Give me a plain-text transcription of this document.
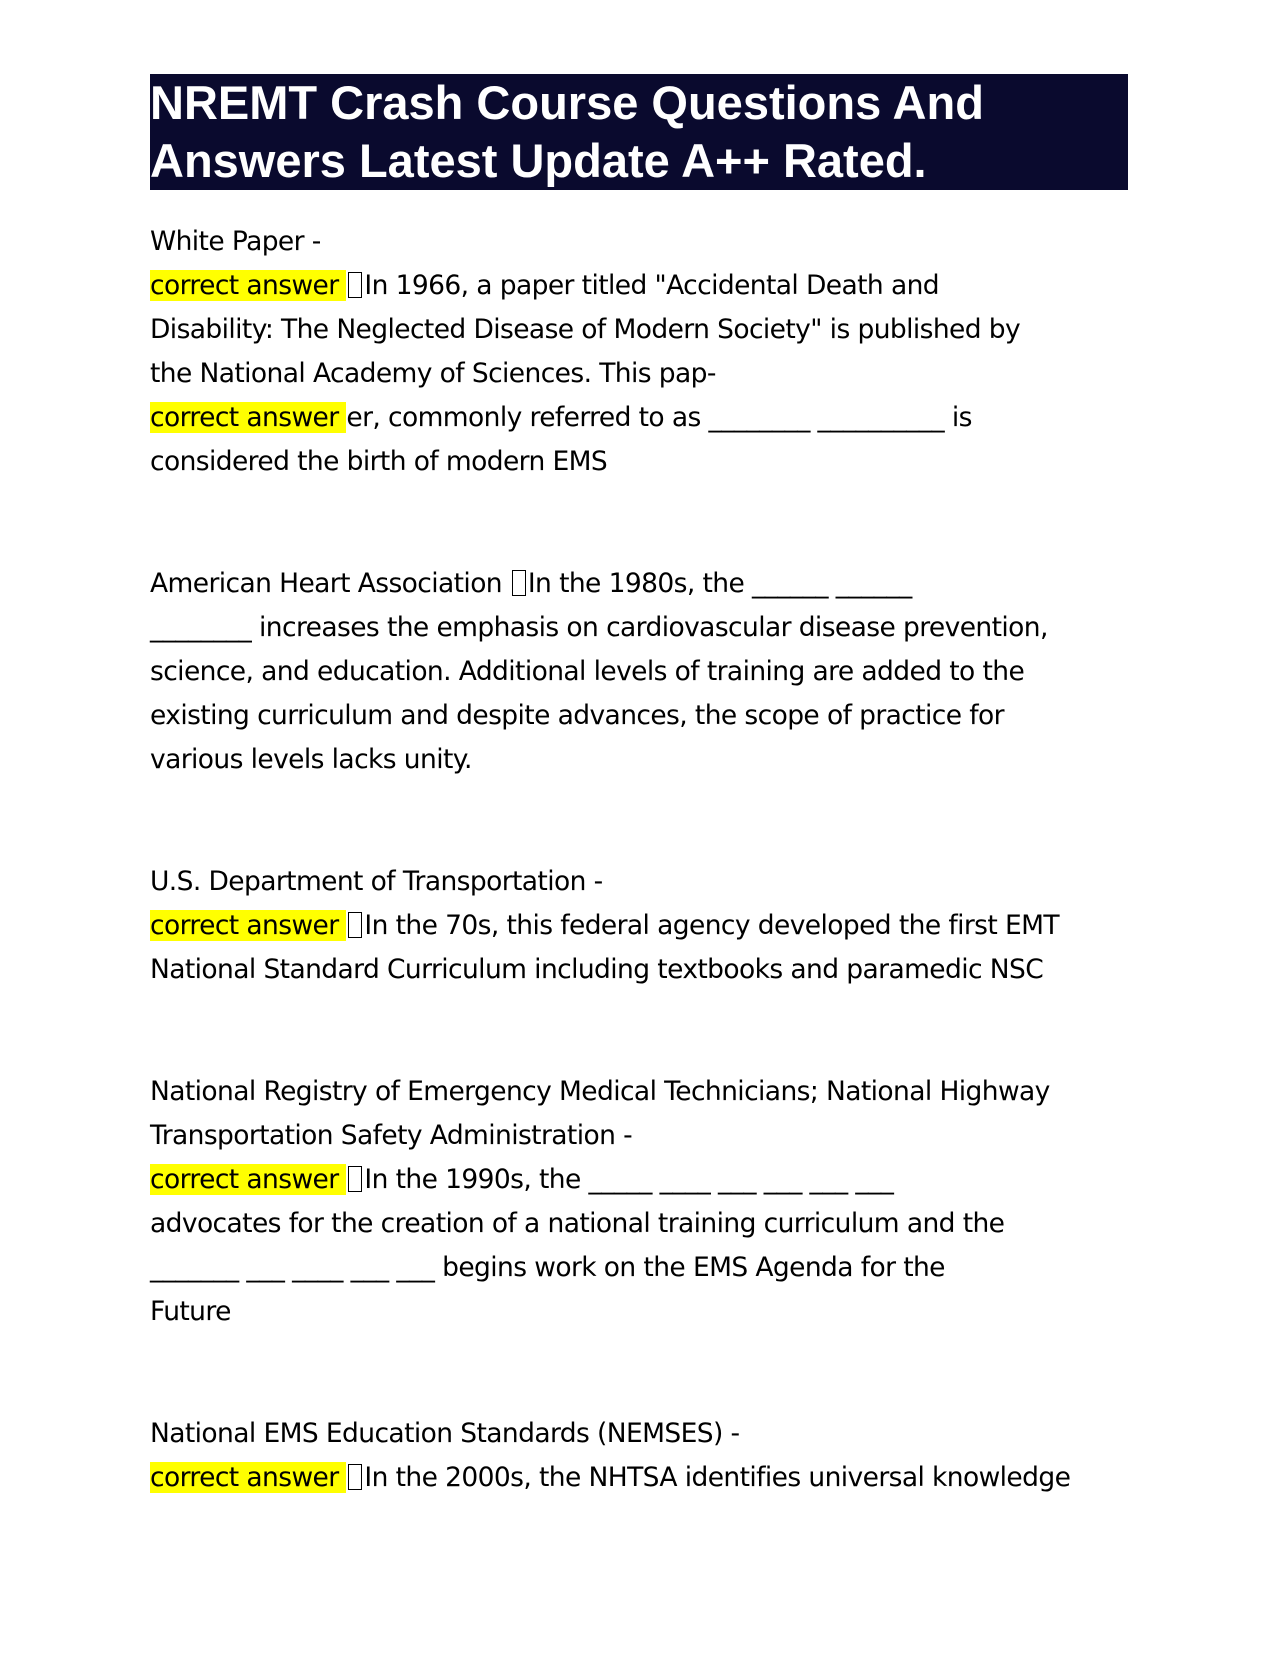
NREMT Crash Course Questions And
Answers Latest Update A++ Rated.
White Paper -
correct answer In 1966, a paper titled "Accidental Death and
Disability: The Neglected Disease of Modern Society" is published by
the National Academy of Sciences. This pap-
correct answer er, commonly referred to as ________ __________ is
considered the birth of modern EMS
American Heart Association In the 1980s, the ______ ______
________ increases the emphasis on cardiovascular disease prevention,
science, and education. Additional levels of training are added to the
existing curriculum and despite advances, the scope of practice for
various levels lacks unity.
U.S. Department of Transportation -
correct answer In the 70s, this federal agency developed the first EMT
National Standard Curriculum including textbooks and paramedic NSC
National Registry of Emergency Medical Technicians; National Highway
Transportation Safety Administration -
correct answer In the 1990s, the _____ ____ ___ ___ ___ ___
advocates for the creation of a national training curriculum and the
_______ ___ ____ ___ ___ begins work on the EMS Agenda for the
Future
National EMS Education Standards (NEMSES) -
correct answer In the 2000s, the NHTSA identifies universal knowledge
